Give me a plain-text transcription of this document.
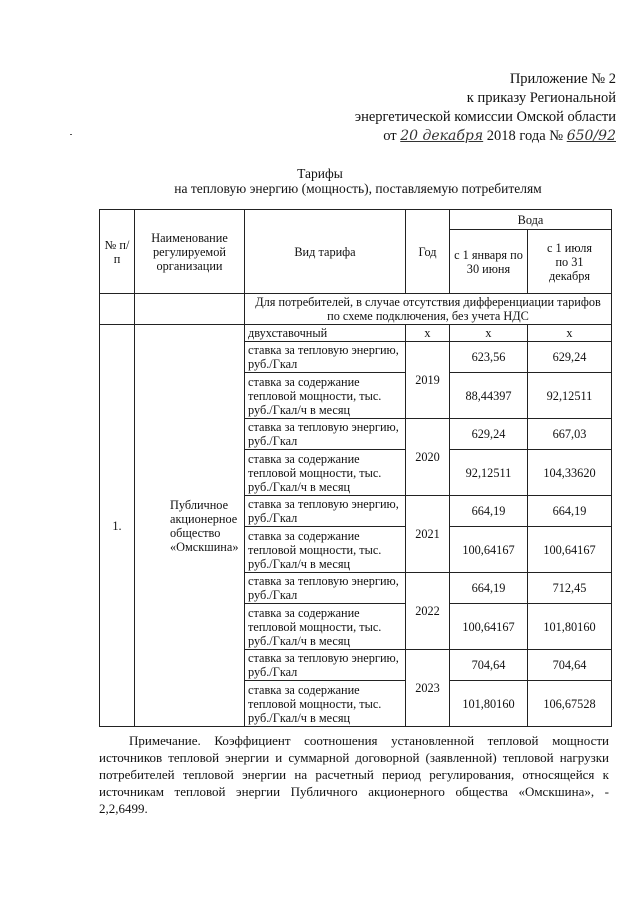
Приложение № 2
к приказу Региональной
энергетической комиссии Омской области
от 20 декабря 2018 года № 650/92
Тарифы
на тепловую энергию (мощность), поставляемую потребителям
№ п/п	Наименование регулируемой организации	Вид тарифа	Год	Вода	
				с 1 января по 30 июня	с 1 июля по 31 декабря
		Для потребителей, в случае отсутствия дифференциации тарифов по схеме подключения, без учета НДС			
1.	Публичное акционерное общество «Омскшина»	двухставочный	х	х	х
		ставка за тепловую энергию, руб./Гкал	2019	623,56	629,24
		ставка за содержание тепловой мощности, тыс. руб./Гкал/ч в месяц		88,44397	92,12511
		ставка за тепловую энергию, руб./Гкал	2020	629,24	667,03
		ставка за содержание тепловой мощности, тыс. руб./Гкал/ч в месяц		92,12511	104,33620
		ставка за тепловую энергию, руб./Гкал	2021	664,19	664,19
		ставка за содержание тепловой мощности, тыс. руб./Гкал/ч в месяц		100,64167	100,64167
		ставка за тепловую энергию, руб./Гкал	2022	664,19	712,45
		ставка за содержание тепловой мощности, тыс. руб./Гкал/ч в месяц		100,64167	101,80160
		ставка за тепловую энергию, руб./Гкал	2023	704,64	704,64
		ставка за содержание тепловой мощности, тыс. руб./Гкал/ч в месяц		101,80160	106,67528
Примечание. Коэффициент соотношения установленной тепловой мощности источников тепловой энергии и суммарной договорной (заявленной) тепловой нагрузки потребителей тепловой энергии на расчетный период регулирования, относящейся к источникам тепловой энергии Публичного акционерного общества «Омскшина», - 2,2,6499.
